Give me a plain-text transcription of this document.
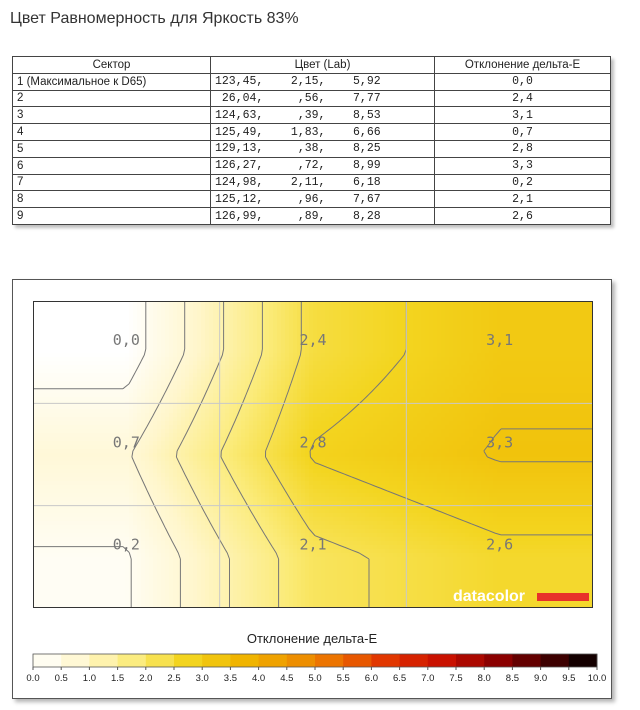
Цвет Равномерность для Яркость 83%
Сектор	Цвет (Lab)	Отклонение дельта-E
1 (Максимальное к D65)	123,45,    2,15,    5,92	0,0
2	26,04,     ,56,    7,77	2,4
3	124,63,     ,39,    8,53	3,1
4	125,49,    1,83,    6,66	0,7
5	129,13,     ,38,    8,25	2,8
6	126,27,     ,72,    8,99	3,3
7	124,98,    2,11,    6,18	0,2
8	125,12,     ,96,    7,67	2,1
9	126,99,     ,89,    8,28	2,6
0,0	2,4	3,1
0,7	2,8	3,3
0,2	2,1	2,6
datacolor
Отклонение дельта-E
0.0 0.5 1.0 1.5 2.0 2.5 3.0 3.5 4.0 4.5 5.0 5.5 6.0 6.5 7.0 7.5 8.0 8.5 9.0 9.5 10.0
